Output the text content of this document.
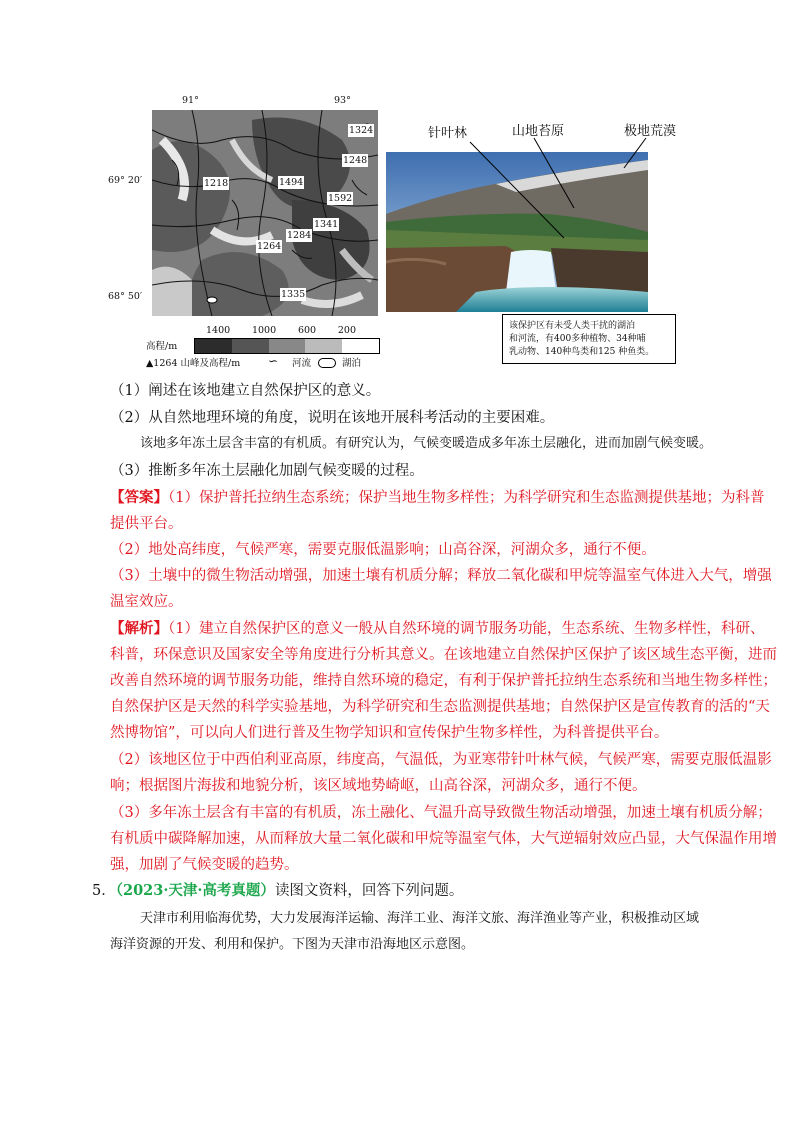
91°	93°
69° 20′
68° 50′
1324
1248
1218	1494
1592
1341
1284
1264
1335
1400 1000 600 200
高程/m
▲1264 山峰及高程/m ∽ 河流	湖泊
针叶林	山地苔原	极地荒漠
该保护区有未受人类干扰的湖泊
和河流，有400多种植物、34种哺
乳动物、140种鸟类和125 种鱼类。
（1）阐述在该地建立自然保护区的意义。
（2）从自然地理环境的角度，说明在该地开展科考活动的主要困难。
该地多年冻土层含丰富的有机质。有研究认为，气候变暖造成多年冻土层融化，进而加剧气候变暖。
（3）推断多年冻土层融化加剧气候变暖的过程。
【答案】（1）保护普托拉纳生态系统；保护当地生物多样性；为科学研究和生态监测提供基地；为科普
提供平台。
（2）地处高纬度，气候严寒，需要克服低温影响；山高谷深，河湖众多，通行不便。
（3）土壤中的微生物活动增强，加速土壤有机质分解；释放二氧化碳和甲烷等温室气体进入大气，增强
温室效应。
【解析】（1）建立自然保护区的意义一般从自然环境的调节服务功能，生态系统、生物多样性，科研、
科普，环保意识及国家安全等角度进行分析其意义。在该地建立自然保护区保护了该区域生态平衡，进而
改善自然环境的调节服务功能，维持自然环境的稳定，有利于保护普托拉纳生态系统和当地生物多样性；
自然保护区是天然的科学实验基地，为科学研究和生态监测提供基地；自然保护区是宣传教育的活的“天
然博物馆”，可以向人们进行普及生物学知识和宣传保护生物多样性，为科普提供平台。
（2）该地区位于中西伯利亚高原，纬度高，气温低，为亚寒带针叶林气候，气候严寒，需要克服低温影
响；根据图片海拔和地貌分析，该区域地势崎岖，山高谷深，河湖众多，通行不便。
（3）多年冻土层含有丰富的有机质，冻土融化、气温升高导致微生物活动增强，加速土壤有机质分解；
有机质中碳降解加速，从而释放大量二氧化碳和甲烷等温室气体，大气逆辐射效应凸显，大气保温作用增
强，加剧了气候变暖的趋势。
5．（2023·天津·高考真题）读图文资料，回答下列问题。
天津市利用临海优势，大力发展海洋运输、海洋工业、海洋文旅、海洋渔业等产业，积极推动区域
海洋资源的开发、利用和保护。下图为天津市沿海地区示意图。
